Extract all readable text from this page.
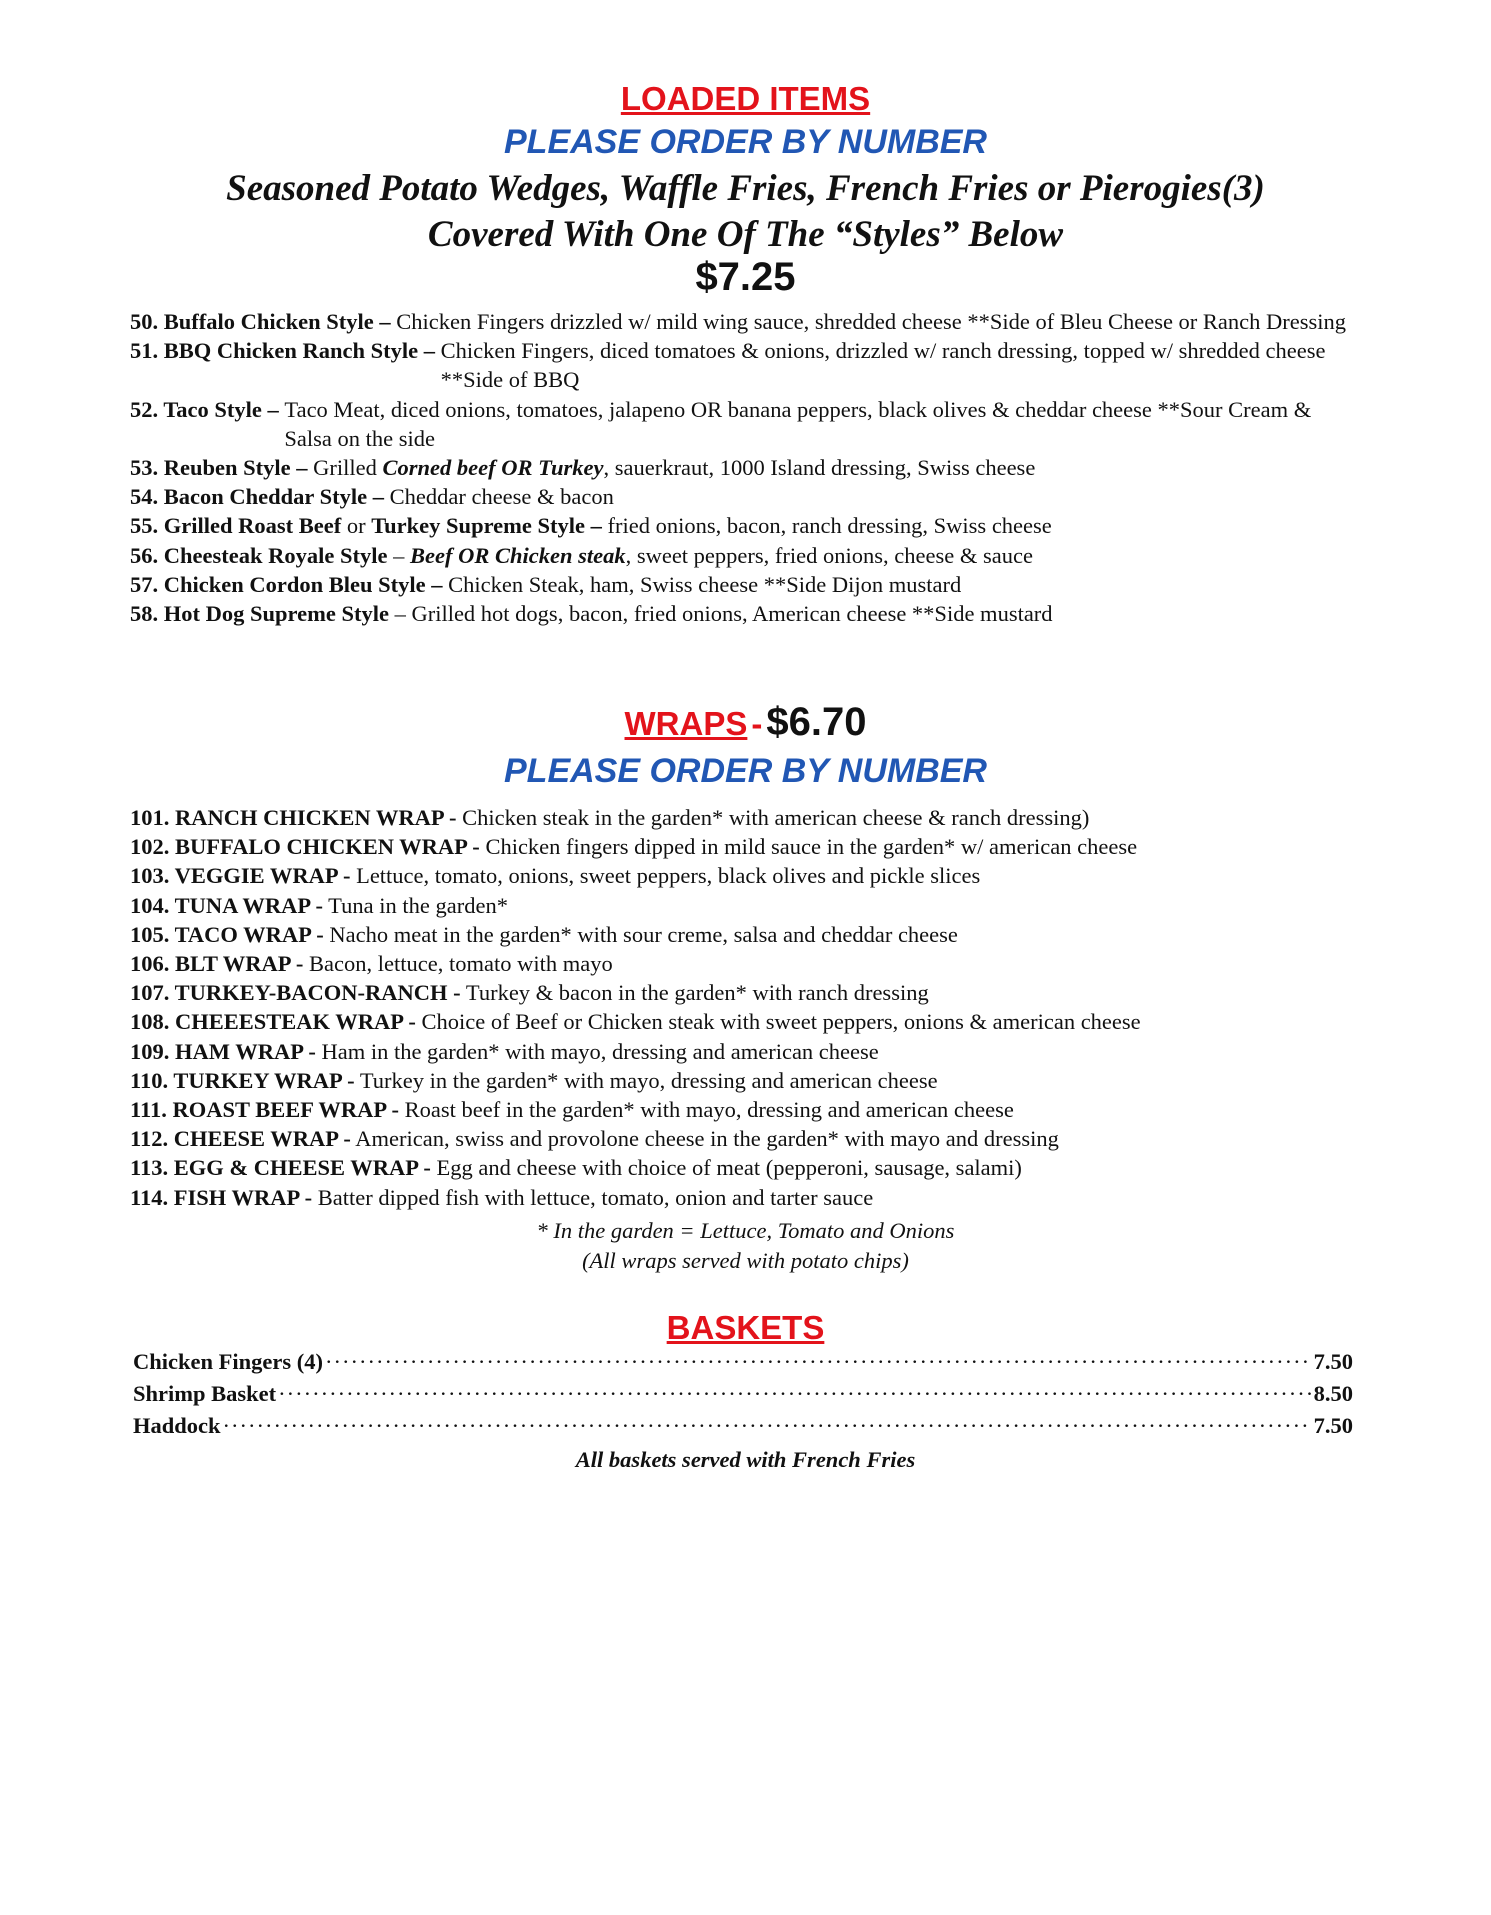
LOADED ITEMS
PLEASE ORDER BY NUMBER
Seasoned Potato Wedges, Waffle Fries, French Fries or Pierogies(3)
Covered With One Of The “Styles” Below
$7.25
50. Buffalo Chicken Style –
Chicken Fingers drizzled w/ mild wing sauce, shredded cheese **Side of Bleu Cheese or Ranch Dressing
51. BBQ Chicken Ranch Style –
Chicken Fingers, diced tomatoes & onions, drizzled w/ ranch dressing, topped w/ shredded cheese **Side of BBQ
52. Taco Style –
Taco Meat, diced onions, tomatoes, jalapeno OR banana peppers, black olives & cheddar cheese **Sour Cream & Salsa on the side
53. Reuben Style –
Grilled Corned beef OR Turkey, sauerkraut, 1000 Island dressing, Swiss cheese
54. Bacon Cheddar Style –
Cheddar cheese & bacon
55. Grilled Roast Beef or Turkey Supreme Style –
fried onions, bacon, ranch dressing, Swiss cheese
56. Cheesteak Royale Style – Beef OR Chicken steak, sweet peppers, fried onions, cheese & sauce
57. Chicken Cordon Bleu Style –
Chicken Steak, ham, Swiss cheese **Side Dijon mustard
58. Hot Dog Supreme Style
– Grilled hot dogs, bacon, fried onions, American cheese **Side mustard
WRAPS - $6.70
PLEASE ORDER BY NUMBER
101. RANCH CHICKEN WRAP - Chicken steak in the garden* with american cheese & ranch dressing)
102. BUFFALO CHICKEN WRAP - Chicken fingers dipped in mild sauce in the garden* w/ american cheese
103. VEGGIE WRAP - Lettuce, tomato, onions, sweet peppers, black olives and pickle slices
104. TUNA WRAP - Tuna in the garden*
105. TACO WRAP - Nacho meat in the garden* with sour creme, salsa and cheddar cheese
106. BLT WRAP - Bacon, lettuce, tomato with mayo
107. TURKEY-BACON-RANCH - Turkey & bacon in the garden* with ranch dressing
108. CHEEESTEAK WRAP - Choice of Beef or Chicken steak with sweet peppers, onions & american cheese
109. HAM WRAP - Ham in the garden* with mayo, dressing and american cheese
110. TURKEY WRAP - Turkey in the garden* with mayo, dressing and american cheese
111. ROAST BEEF WRAP - Roast beef in the garden* with mayo, dressing and american cheese
112. CHEESE WRAP - American, swiss and provolone cheese in the garden* with mayo and dressing
113. EGG & CHEESE WRAP - Egg and cheese with choice of meat (pepperoni, sausage, salami)
114. FISH WRAP - Batter dipped fish with lettuce, tomato, onion and tarter sauce
* In the garden = Lettuce, Tomato and Onions
(All wraps served with potato chips)
BASKETS
Chicken Fingers (4) ·····	7.50
Shrimp Basket ·····	8.50
Haddock ·····	7.50
All baskets served with French Fries
